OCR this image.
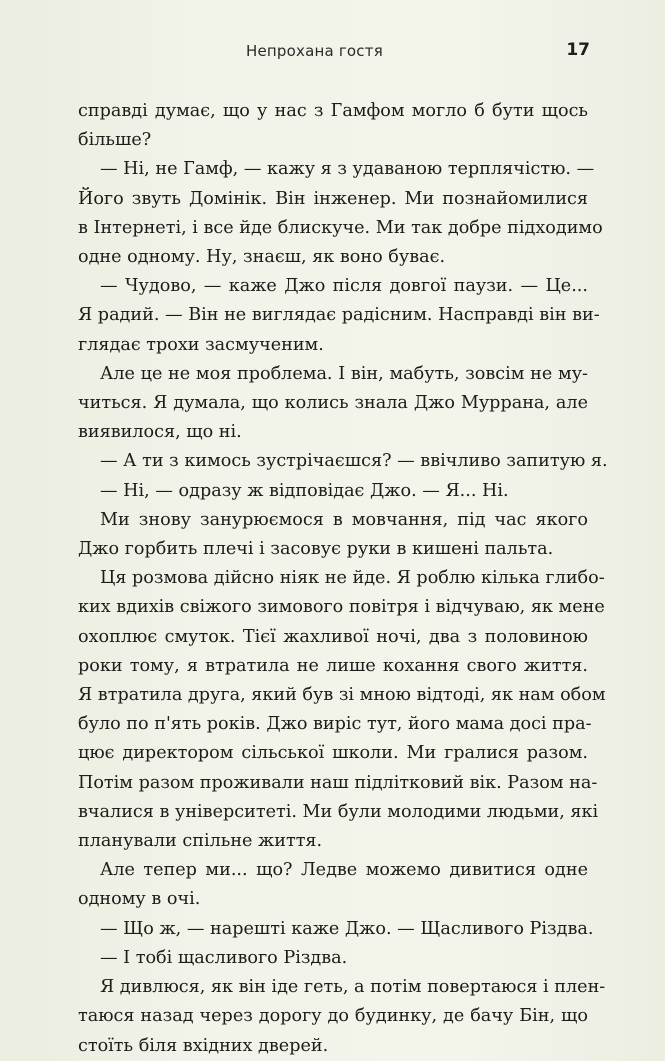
Непрохана гостя	17
справді думає, що у нас з Гамфом могло б бути щось
більше?
— Ні, не Гамф, — кажу я з удаваною терплячістю. —
Його звуть Домінік. Він інженер. Ми познайомилися
в Інтернеті, і все йде блискуче. Ми так добре підходимо
одне одному. Ну, знаєш, як воно буває.
— Чудово, — каже Джо після довгої паузи. — Це...
Я радий. — Він не виглядає радісним. Насправді він ви-
глядає трохи засмученим.
Але це не моя проблема. І він, мабуть, зовсім не му-
читься. Я думала, що колись знала Джо Муррана, але
виявилося, що ні.
— А ти з кимось зустрічаєшся? — ввічливо запитую я.
— Ні, — одразу ж відповідає Джо. — Я... Ні.
Ми знову занурюємося в мовчання, під час якого
Джо горбить плечі і засовує руки в кишені пальта.
Ця розмова дійсно ніяк не йде. Я роблю кілька глибо-
ких вдихів свіжого зимового повітря і відчуваю, як мене
охоплює смуток. Тієї жахливої ночі, два з половиною
роки тому, я втратила не лише кохання свого життя.
Я втратила друга, який був зі мною відтоді, як нам обом
було по п'ять років. Джо виріс тут, його мама досі пра-
цює директором сільської школи. Ми гралися разом.
Потім разом проживали наш підлітковий вік. Разом на-
вчалися в університеті. Ми були молодими людьми, які
планували спільне життя.
Але тепер ми... що? Ледве можемо дивитися одне
одному в очі.
— Що ж, — нарешті каже Джо. — Щасливого Різдва.
— І тобі щасливого Різдва.
Я дивлюся, як він іде геть, а потім повертаюся і плен-
таюся назад через дорогу до будинку, де бачу Бін, що
стоїть біля вхідних дверей.
